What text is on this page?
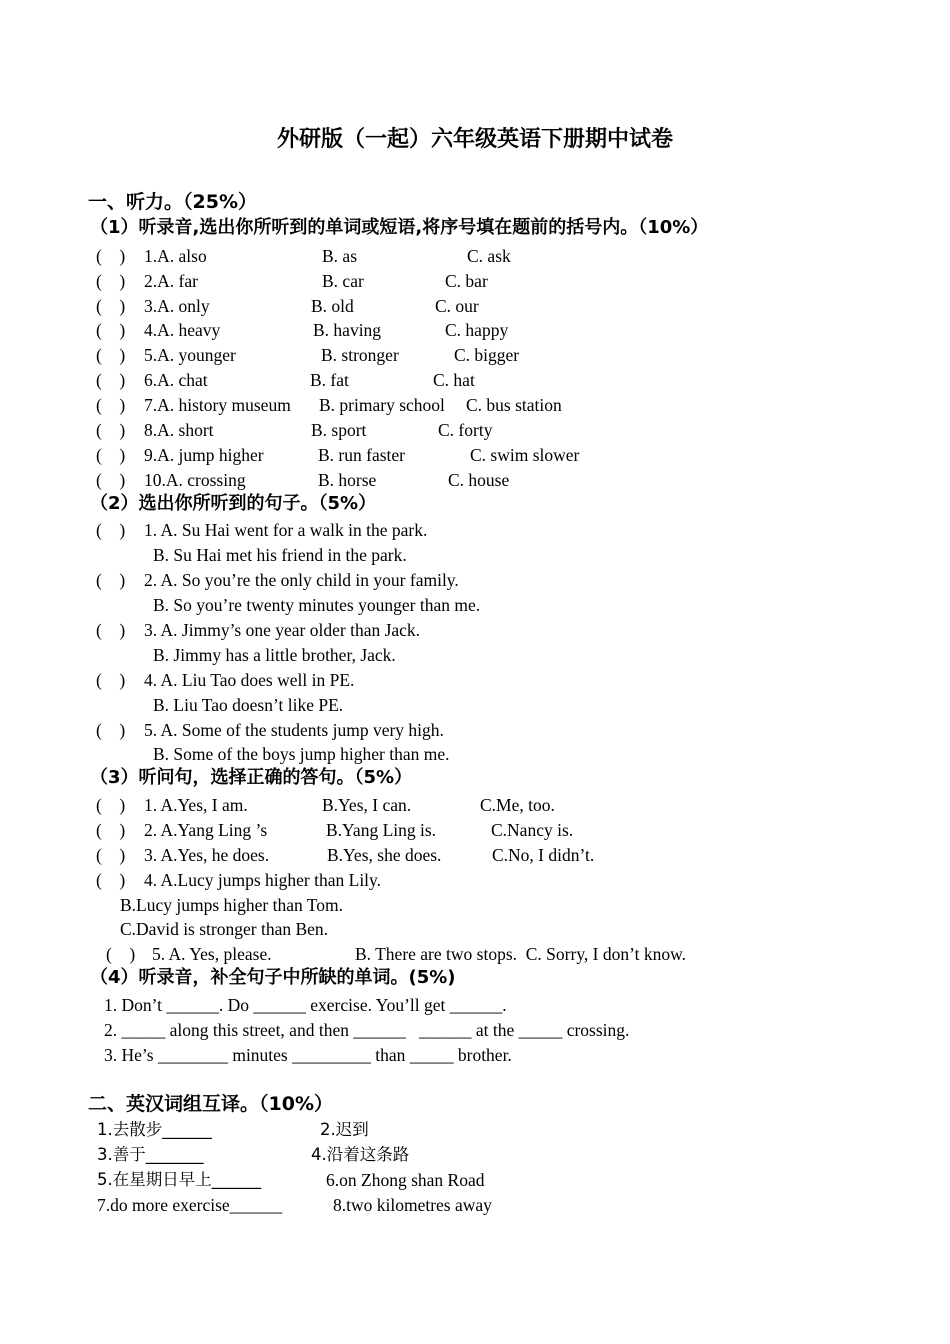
外研版（一起）六年级英语下册期中试卷
一、听力。（25%）
（1）听录音,选出你所听到的单词或短语,将序号填在题前的括号内。（10%）
(    ) 1.A. also	B. as	C. ask
(    ) 2.A. far	B. car	C. bar
(    ) 3.A. only	B. old	C. our
(    ) 4.A. heavy	B. having	C. happy
(    ) 5.A. younger	B. stronger	C. bigger
(    ) 6.A. chat	B. fat	C. hat
(    ) 7.A. history museum B. primary school C. bus station
(    ) 8.A. short	B. sport	C. forty
(    ) 9.A. jump higher	B. run faster	C. swim slower
(    ) 10.A. crossing	B. horse	C. house
（2）选出你所听到的句子。（5%）
(    ) 1. A. Su Hai went for a walk in the park.
B. Su Hai met his friend in the park.
(    ) 2. A. So you’re the only child in your family.
B. So you’re twenty minutes younger than me.
(    ) 3. A. Jimmy’s one year older than Jack.
B. Jimmy has a little brother, Jack.
(    ) 4. A. Liu Tao does well in PE.
B. Liu Tao doesn’t like PE.
(    ) 5. A. Some of the students jump very high.
B. Some of the boys jump higher than me.
（3）听问句，选择正确的答句。（5%）
(    ) 1. A.Yes, I am.	B.Yes, I can.	C.Me, too.
(    ) 2. A.Yang Ling ’s	B.Yang Ling is.	C.Nancy is.
(    ) 3. A.Yes, he does.	B.Yes, she does.	C.No, I didn’t.
(    ) 4. A.Lucy jumps higher than Lily.
B.Lucy jumps higher than Tom.
C.David is stronger than Ben.
(    ) 5. A. Yes, please.	B. There are two stops.  C. Sorry, I don’t know.
（4）听录音，补全句子中所缺的单词。(5%)
1. Don’t ______. Do ______ exercise. You’ll get ______.
2. _____ along this street, and then ______   ______ at the _____ crossing.
3. He’s ________ minutes _________ than _____ brother.
二、英汉词组互译。（10%）
1.去散步______	2.迟到
3.善于_______	4.沿着这条路
5.在星期日早上______	6.on Zhong shan Road
7.do more exercise______	8.two kilometres away
